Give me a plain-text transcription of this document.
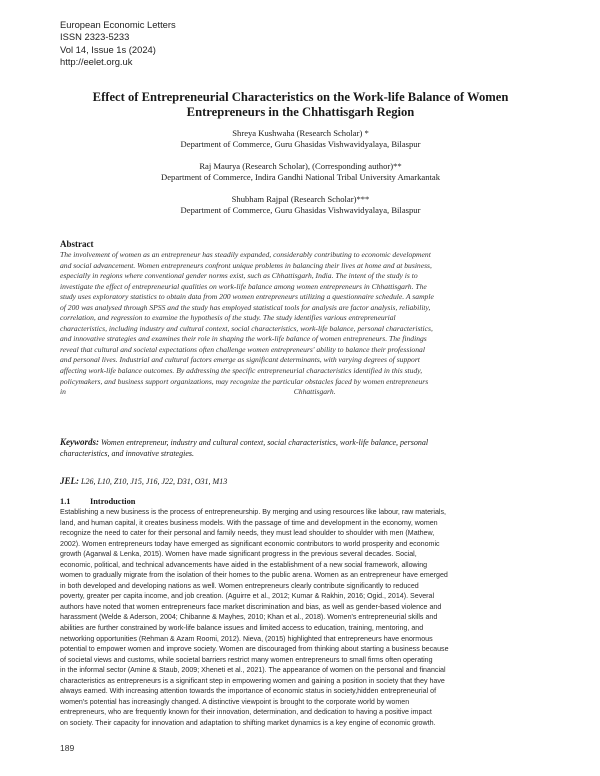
European Economic Letters
ISSN 2323-5233
Vol 14, Issue 1s (2024)
http://eelet.org.uk
Effect of Entrepreneurial Characteristics on the Work-life Balance of Women
Entrepreneurs in the Chhattisgarh Region
Shreya Kushwaha (Research Scholar) *
Department of Commerce, Guru Ghasidas Vishwavidyalaya, Bilaspur
Raj Maurya (Research Scholar), (Corresponding author)**
Department of Commerce, Indira Gandhi National Tribal University Amarkantak
Shubham Rajpal (Research Scholar)***
Department of Commerce, Guru Ghasidas Vishwavidyalaya, Bilaspur
Abstract
The involvement of women as an entrepreneur has steadily expanded, considerably contributing to economic development
and social advancement. Women entrepreneurs confront unique problems in balancing their lives at home and at business,
especially in regions where conventional gender norms exist, such as Chhattisgarh, India. The intent of the study is to
investigate the effect of entrepreneurial qualities on work-life balance among women entrepreneurs in Chhattisgarh. The
study uses exploratory statistics to obtain data from 200 women entrepreneurs utilizing a questionnaire schedule. A sample
of 200 was analysed through SPSS and the study has employed statistical tools for analysis are factor analysis, reliability,
correlation, and regression to examine the hypothesis of the study. The study identifies various entrepreneurial
characteristics, including industry and cultural context, social characteristics, work-life balance, personal characteristics,
and innovative strategies and examines their role in shaping the work-life balance of women entrepreneurs. The findings
reveal that cultural and societal expectations often challenge women entrepreneurs' ability to balance their professional
and personal lives. Industrial and cultural factors emerge as significant determinants, with varying degrees of support
affecting work-life balance outcomes. By addressing the specific entrepreneurial characteristics identified in this study,
policymakers, and business support organizations, may recognize the particular obstacles faced by women entrepreneurs
in                                                                                                                        Chhattisgarh.
Keywords: Women entrepreneur, industry and cultural context, social characteristics, work-life balance, personal
characteristics, and innovative strategies.
JEL: L26, L10, Z10, J15, J16, J22, D31, O31, M13
1.1 Introduction
Establishing a new business is the process of entrepreneurship. By merging and using resources like labour, raw materials,
land, and human capital, it creates business models. With the passage of time and development in the economy, women
recognize the need to cater for their personal and family needs, they must lead shoulder to shoulder with men (Mathew,
2002). Women entrepreneurs today have emerged as significant economic contributors to world prosperity and economic
growth (Agarwal & Lenka, 2015). Women have made significant progress in the previous several decades. Social,
economic, political, and technical advancements have aided in the establishment of a new social framework, allowing
women to gradually migrate from the isolation of their homes to the public arena. Women as an entrepreneur have emerged
in both developed and developing nations as well. Women entrepreneurs clearly contribute significantly to reduced
poverty, greater per capita income, and job creation. (Aguirre et al., 2012; Kumar & Rakhin, 2016; Ogid., 2014). Several
authors have noted that women entrepreneurs face market discrimination and bias, as well as gender-based violence and
harassment (Welde & Aderson, 2004; Chibanne & Mayhes, 2010; Khan et al., 2018). Women's entrepreneurial skills and
abilities are further constrained by work-life balance issues and limited access to education, training, mentoring, and
networking opportunities (Rehman & Azam Roomi, 2012). Nieva, (2015) highlighted that entrepreneurs have enormous
potential to empower women and improve society. Women are discouraged from thinking about starting a business because
of societal views and customs, while societal barriers restrict many women entrepreneurs to small firms often operating
in the informal sector (Amine & Staub, 2009; Xheneti et al., 2021). The appearance of women on the personal and financial
characteristics as entrepreneurs is a significant step in empowering women and gaining a position in society that they have
always earned. With increasing attention towards the importance of economic status in society,hidden entrepreneurial of
women's potential has increasingly changed. A distinctive viewpoint is brought to the corporate world by women
entrepreneurs, who are frequently known for their innovation, determination, and dedication to having a positive impact
on society. Their capacity for innovation and adaptation to shifting market dynamics is a key engine of economic growth.
189
